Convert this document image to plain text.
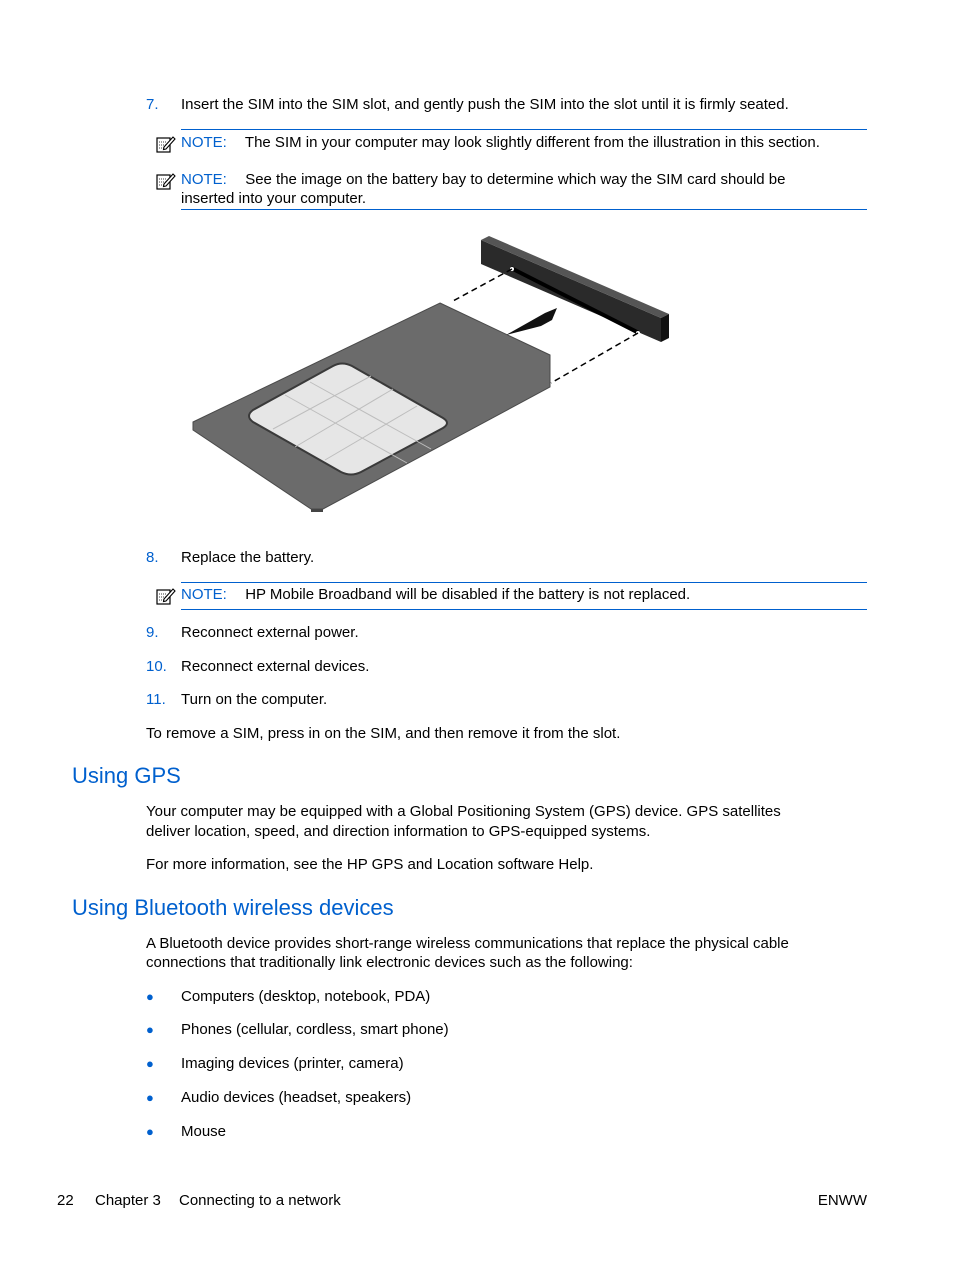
7. Insert the SIM into the SIM slot, and gently push the SIM into the slot until it is firmly seated.
NOTE: The SIM in your computer may look slightly different from the illustration in this section.
NOTE: See the image on the battery bay to determine which way the SIM card should be
inserted into your computer.
8. Replace the battery.
NOTE: HP Mobile Broadband will be disabled if the battery is not replaced.
9. Reconnect external power.
10. Reconnect external devices.
11. Turn on the computer.
To remove a SIM, press in on the SIM, and then remove it from the slot.
Using GPS
Your computer may be equipped with a Global Positioning System (GPS) device. GPS satellites
deliver location, speed, and direction information to GPS-equipped systems.
For more information, see the HP GPS and Location software Help.
Using Bluetooth wireless devices
A Bluetooth device provides short-range wireless communications that replace the physical cable
connections that traditionally link electronic devices such as the following:
● Computers (desktop, notebook, PDA)
● Phones (cellular, cordless, smart phone)
● Imaging devices (printer, camera)
● Audio devices (headset, speakers)
● Mouse
22 Chapter 3 Connecting to a network	ENWW
